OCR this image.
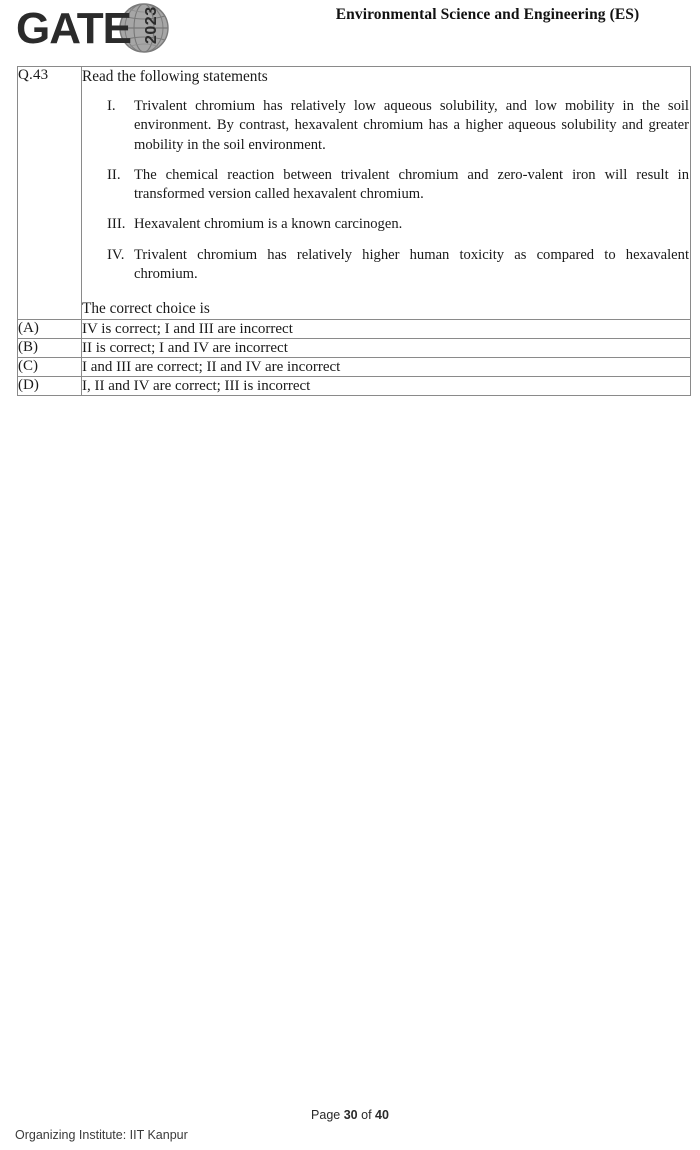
GATE 2023	Environmental Science and Engineering (ES)
Q.43	Read the following statements

I.	Trivalent chromium has relatively low aqueous solubility, and low mobility in the soil environment. By contrast, hexavalent chromium has a higher aqueous solubility and greater mobility in the soil environment.
II. The chemical reaction between trivalent chromium and zero-valent iron will result in transformed version called hexavalent chromium.
III. Hexavalent chromium is a known carcinogen.
IV. Trivalent chromium has relatively higher human toxicity as compared to hexavalent chromium.

The correct choice is

(A)	IV is correct; I and III are incorrect
(B)	II is correct; I and IV are incorrect
(C)	I and III are correct; II and IV are incorrect
(D)	I, II and IV are correct; III is incorrect
Page 30 of 40
Organizing Institute: IIT Kanpur
